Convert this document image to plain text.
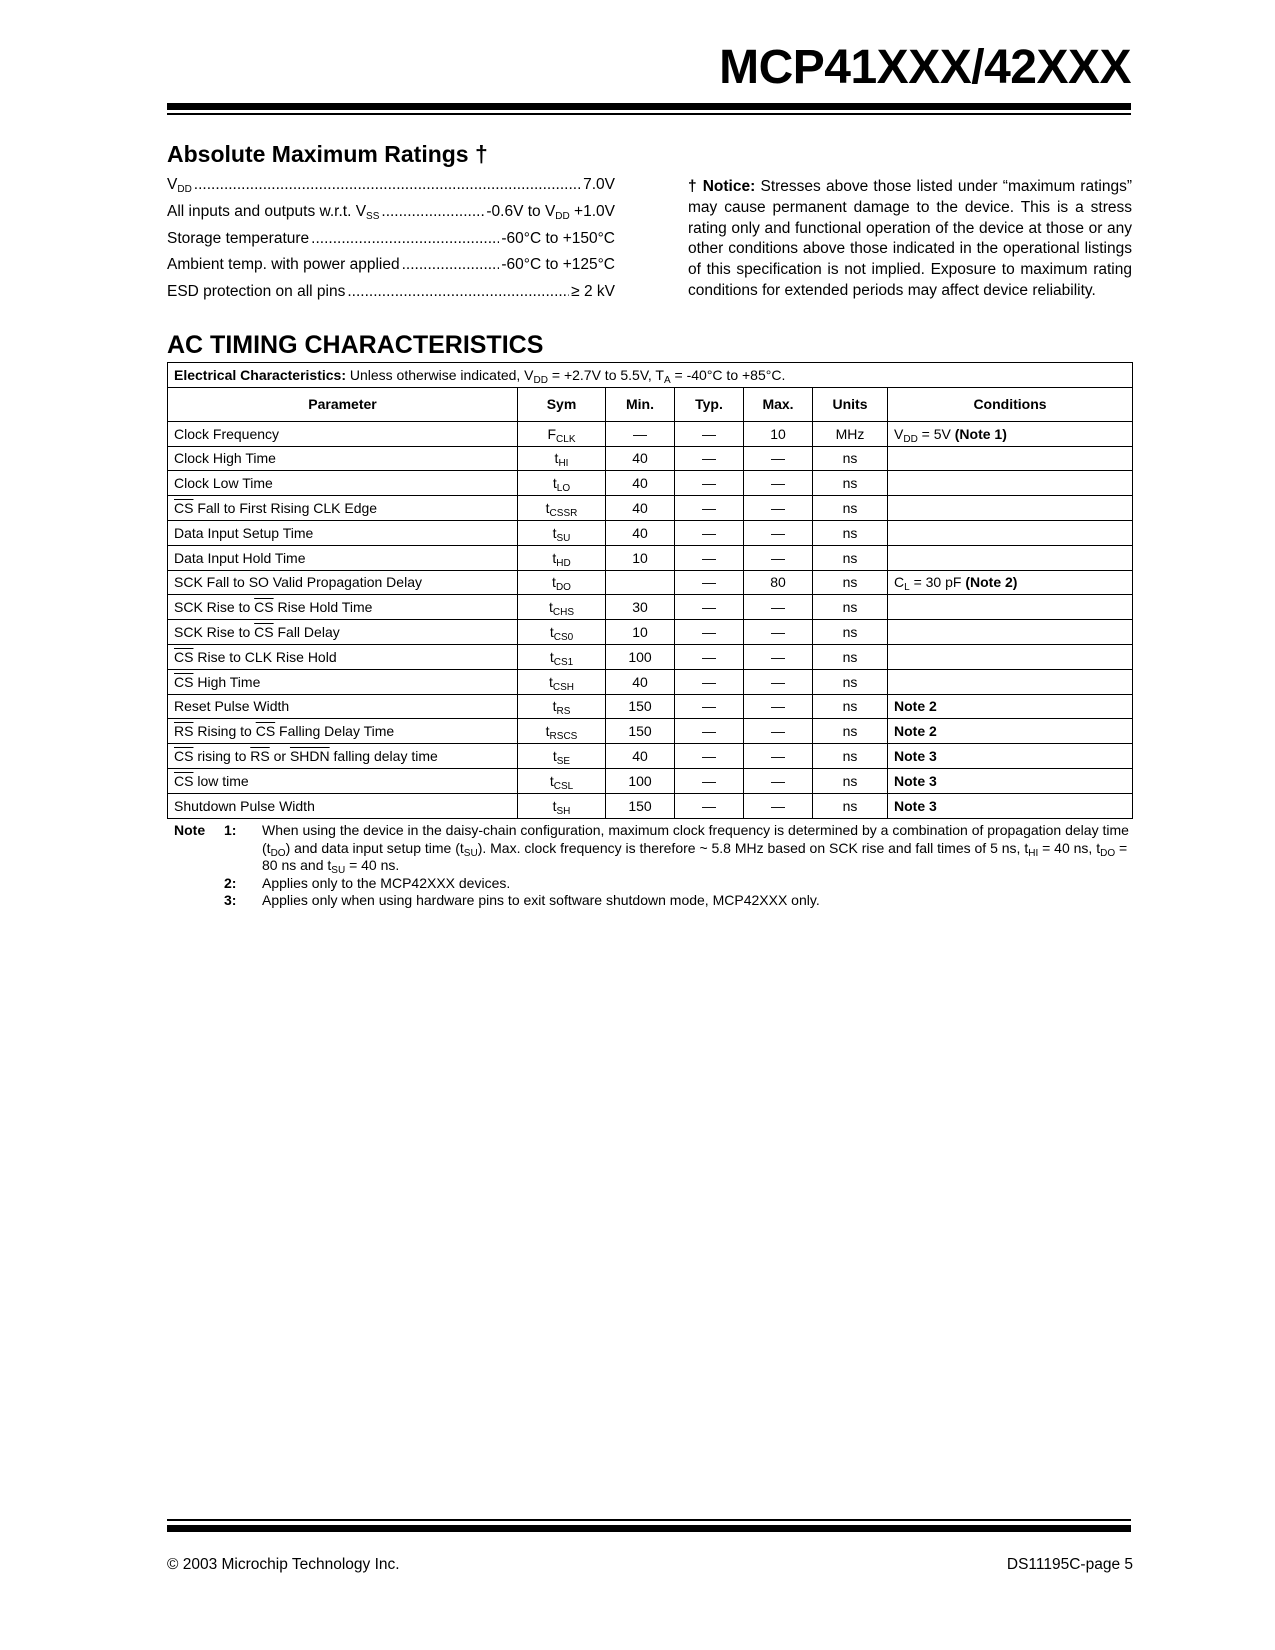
MCP41XXX/42XXX
Absolute Maximum Ratings †
$V_{DD}$ .....	7.0V
All inputs and outputs w.r.t. $V_{SS}$ .....	-0.6V to $V_{DD} +1.0V$
Storage temperature .....	-60°C to +150°C
Ambient temp. with power applied .....	-60°C to +125°C
ESD protection on all pins .....	≥ 2 kV

† Notice: Stresses above those listed under “maximum ratings” may cause permanent damage to the device. This is a stress rating only and functional operation of the device at those or any other conditions above those indicated in the operational listings of this specification is not implied. Exposure to maximum rating conditions for extended periods may affect device reliability.

AC TIMING CHARACTERISTICS
Electrical Characteristics: Unless otherwise indicated, $V_{DD} = +2.7V$ to 5.5V, $T_A = -40^\circ C$ to +85°C.						
Parameter	Sym	Min.	Typ.	Max.	Units	Conditions
Clock Frequency	$F_{CLK}$	—	—	10	MHz	$V_{DD} = 5V$ (Note 1)
Clock High Time	$t_{HI}$	40	—	—	ns	
Clock Low Time	$t_{LO}$	40	—	—	ns	
$\overline{CS}$ Fall to First Rising CLK Edge	$t_{CSSR}$	40	—	—	ns	
Data Input Setup Time	$t_{SU}$	40	—	—	ns	
Data Input Hold Time	$t_{HD}$	10	—	—	ns	
SCK Fall to SO Valid Propagation Delay	$t_{DO}$		—	80	ns	$C_L = 30$ pF (Note 2)
SCK Rise to $\overline{CS}$ Rise Hold Time	$t_{CHS}$	30	—	—	ns	
SCK Rise to $\overline{CS}$ Fall Delay	$t_{CS0}$	10	—	—	ns	
$\overline{CS}$ Rise to CLK Rise Hold	$t_{CS1}$	100	—	—	ns	
$\overline{CS}$ High Time	$t_{CSH}$	40	—	—	ns	
Reset Pulse Width	$t_{RS}$	150	—	—	ns	Note 2
$\overline{RS}$ Rising to $\overline{CS}$ Falling Delay Time	$t_{RSCS}$	150	—	—	ns	Note 2
$\overline{CS}$ rising to $\overline{RS}$ or SHDN falling delay time	$t_{SE}$	40	—	—	ns	Note 3
$\overline{CS}$ low time	$t_{CSL}$	100	—	—	ns	Note 3
Shutdown Pulse Width	$t_{SH}$	150	—	—	ns	Note 3
Note	1:	When using the device in the daisy-chain configuration, maximum clock frequency is determined by a combination of propagation delay time $(t_{DO})$ and data input setup time $(t_{SU})$. Max. clock frequency is therefore ~ 5.8 MHz based on SCK rise and fall times of 5 ns, $t_{HI} = 40$ ns, $t_{DO} = 80$ ns and $t_{SU} = 40$ ns.
2:	Applies only to the MCP42XXX devices.
3:	Applies only when using hardware pins to exit software shutdown mode, MCP42XXX only.
© 2003 Microchip Technology Inc.	DS11195C-page 5
